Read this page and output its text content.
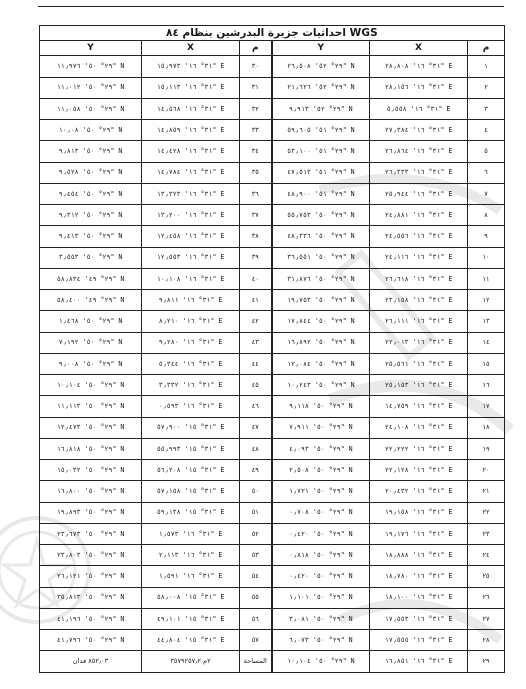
احداثيات جزيرة البدرشين بنظام ٨٤ WGS					
Y	X	م	Y	X	م
٢٩° ٥٠' ١١٫٩٧٦" N	٣١° ١٦' ١٥٫٩٧٣" E	٣٠	٢٩° ٥٢' ٢٦٫٥٠٨" N	٣١° ١٦' ٢٨٫٨٠٨" E	١
٢٩° ٥٠' ١١٫٠١٢" N	٣١° ١٦' ١٥٫١١٣" E	٣١	٢٩° ٥٢' ٢١٫٦٢٦" N	٣١° ١٦' ٢٨٫١٥٦" E	٢
٢٩° ٥٠' ١١٫٠٥٨" N	٣١° ١٦' ١٤٫٥٦٨" E	٣٢	٢٩° ٥٢' ٩٫٩١٣" N	٣١° ١٦' ٥٫٥٥٨" E	٣
٢٩° ٥٠' ١٠٫٠٨" N	٣١° ١٦' ١٤٫٨٥٩" E	٣٣	٢٩° ٥١' ٥٩٫٦٠٥" N	٣١° ١٦' ٢٧٫٣٨٤" E	٤
٢٩° ٥٠' ٩٫٨١٣" N	٣١° ١٦' ١٤٫٤٢٨" E	٣٤	٢٩° ٥١' ٥٣٫١٠٠" N	٣١° ١٦' ٢٦٫٨٦٤" E	٥
٢٩° ٥٠' ٩٫٥٢٨" N	٣١° ١٦' ١٤٫٧٨٤" E	٣٥	٢٩° ٥١' ٤٧٫٥١٣" N	٣١° ١٦' ٢٦٫٣٣٣" E	٦
٢٩° ٥٠' ٩٫٤٥٤" N	٣١° ١٦' ١٣٫٣٢٣" E	٣٦	٢٩° ٥١' ٤٨٫٩٠٠" N	٣١° ١٦' ٢٥٫٩٤٤" E	٧
٢٩° ٥٠' ٩٫٣١٢" N	٣١° ١٦' ١٣٫٢٠٠" E	٣٧	٢٩° ٥٠' ٥٥٫٧٥٣" N	٣١° ١٦' ٢٤٫٨٨١" E	٨
٢٩° ٥٠' ٩٫٤١٣" N	٣١° ١٦' ١٢٫٤٥٨" E	٣٨	٢٩° ٥٠' ٤٨٫٣٣٦" N	٣١° ١٦' ٢٤٫٥٥٦" E	٩
٢٩° ٥٠' ٣٫٥٥٣" N	٣١° ١٦' ١٢٫٥٥٣" E	٣٩	٢٩° ٥٠' ٣٦٫٥٥١" N	٣١° ١٦' ٢٤٫١١٦" E	١٠
٢٩° ٤٩' ٥٨٫٨٣٤" N	٣١° ١٦' ١٠٫١٠٨" E	٤٠	٢٩° ٥٠' ٣١٫٨٧٦" N	٣١° ١٦' ٢٦٫٦١٨" E	١١
٢٩° ٤٩' ٥٨٫٤٠٠" N	٣١° ١٦' ٩٫٨١١" E	٤١	٢٩° ٥٠' ١٩٫٧٥٣" N	٣١° ١٦' ٢٣٫١٥٨" E	١٢
٢٩° ٥٠' ١٫٤٦٨" N	٣١° ١٦' ٨٫٢١٠" E	٤٢	٢٩° ٥٠' ١٧٫٨٤٤" N	٣١° ١٦' ٢٦٫١١١" E	١٣
٢٩° ٥٠' ٧٫١٩٢" N	٣١° ١٦' ٩٫٢٨٠" E	٤٣	٢٩° ٥٠' ١٦٫٨٩٢" N	٣١° ١٦' ٢٢٫٠١٣" E	١٤
٢٩° ٥٠' ٩٫٠٠٨" N	٣١° ١٦' ٥٫٣٤٤" E	٤٤	٢٩° ٥٠' ١٢٫٠٨٤" N	٣١° ١٦' ٢٥٫٥٦١" E	١٥
٢٩° ٥٠' ١٠٫١٠٤" N	٣١° ١٦' ٣٫٣٣٢" E	٤٥	٢٩° ٥٠' ١٠٫٢٤٣" N	٣١° ١٦' ٢٥٫١٥٣" E	١٦
٢٩° ٥٠' ١١٫١١٣" N	٣١° ١٦' ٠٫٥٩٣" E	٤٦	٢٩° ٥٠' ٩٫١١٨" N	٣١° ١٦' ١٤٫٧٥٩" E	١٧
٢٩° ٥٠' ١٢٫٤٧٣" N	٣١° ١٥' ٥٧٫٩٠٠" E	٤٧	٢٩° ٥٠' ٧٫٩١١" N	٣١° ١٦' ٢٤٫١٠٨" E	١٨
٢٩° ٥٠' ١٦٫٨١٨" N	٣١° ١٥' ٥٥٫٩٩٣" E	٤٨	٢٩° ٥٠' ٤٫٠٩٣" N	٣١° ١٦' ٢٢٫٢٢٢" E	١٩
٢٩° ٥٠' ١٥٫٠٣٢" N	٣١° ١٥' ٥٦٫٢٠٨" E	٤٩	٢٩° ٥٠' ٢٫٥٠٨" N	٣١° ١٦' ٢٢٫١٢٨" E	٢٠
٢٩° ٥٠' ١٦٫٨٠٠" N	٣١° ١٥' ٥٧٫١٥٨" E	٥٠	٢٩° ٥٠' ١٫٧٢١" N	٣١° ١٦' ٢٠٫٤٣٢" E	٢١
٢٩° ٥٠' ١٩٫٨٩٣" N	٣١° ١٥' ٥٩٫١٣٨" E	٥١	٢٩° ٥٠' ٠٫٧٠٨" N	٣١° ١٦' ١٩٫١٥٨" E	٢٢
٢٩° ٥٠' ٢٣٫٦٧٣" N	٣١° ١٦' ١٫٥٧٣" E	٥٢	٢٩° ٥٠' ٠٫٤٢٠" N	٣١° ١٦' ١٩٫١٧٦" E	٢٣
٢٩° ٥٠' ٢٣٫٨٠٣" N	٣١° ١٦' ٢٫١١٣" E	٥٣	٢٩° ٥٠' ٠٫٨١٨" N	٣١° ١٦' ١٨٫٨٨٨" E	٢٤
٢٩° ٥٠' ٢٦٫١٢١" N	٣١° ١٦' ١٫٥٩١" E	٥٤	٢٩° ٥٠' ٠٫٤٢٠" N	٣١° ١٦' ١٨٫٧٨٠" E	٢٥
٢٩° ٥٠' ٣٥٫٨١٣" N	٣١° ١٥' ٥٨٫٠٠٨" E	٥٥	٢٩° ٥٠' ١٫١٠١" N	٣١° ١٦' ١٨٫١٠٠" E	٢٦
٢٩° ٥٠' ٤١٫١٩٦" N	٣١° ١٥' ٤٩٫١٠١" E	٥٦	٢٩° ٥٠' ٣٫٠٨١" N	٣١° ١٦' ١٧٫٥٥٣" E	٢٧
٢٩° ٥٠' ٤١٫٧٩٦" N	٣١° ١٥' ٤٤٫٨٠٤" E	٥٧	٢٩° ٥٠' ٦٫٠٧٣" N	٣١° ١٦' ١٧٫٥٥٥" E	٢٨
٨٥٢٫٠٣ فدان	٢م ٣٥٧٩٢٥٧٫٢	المساحة	٢٩° ٥٠' ١٠٫١٠٤" N	٣١° ١٦' ١٦٫٨٥١" E	٢٩
